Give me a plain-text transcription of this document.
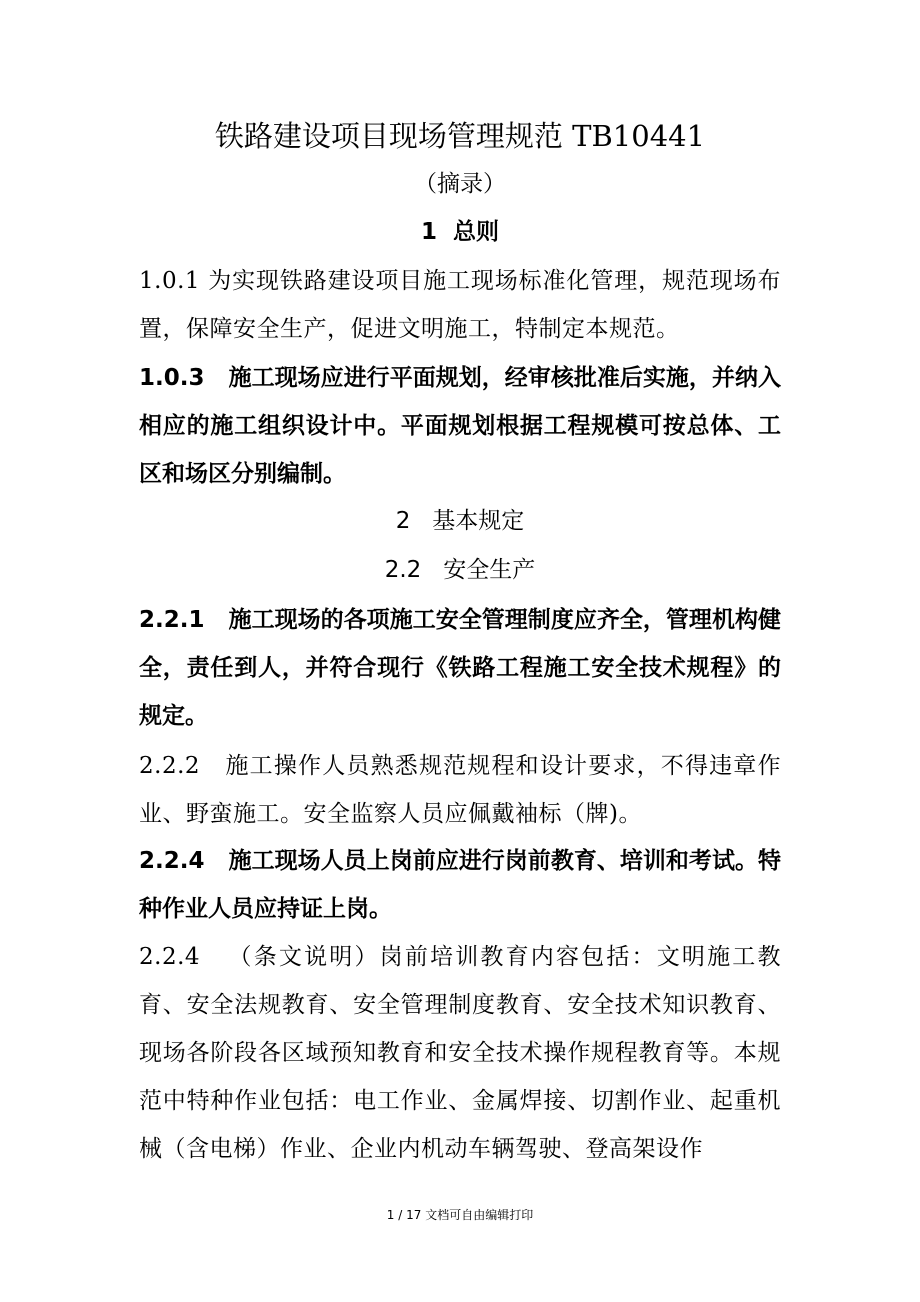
铁路建设项目现场管理规范 TB10441
（摘录）
1  总则
1.0.1 为实现铁路建设项目施工现场标准化管理，规范现场布置，保障安全生产，促进文明施工，特制定本规范。
1.0.3   施工现场应进行平面规划，经审核批准后实施，并纳入相应的施工组织设计中。平面规划根据工程规模可按总体、工区和场区分别编制。
2   基本规定
2.2   安全生产
2.2.1   施工现场的各项施工安全管理制度应齐全，管理机构健全，责任到人，并符合现行《铁路工程施工安全技术规程》的规定。
2.2.2   施工操作人员熟悉规范规程和设计要求，不得违章作业、野蛮施工。安全监察人员应佩戴袖标（牌)。
2.2.4   施工现场人员上岗前应进行岗前教育、培训和考试。特种作业人员应持证上岗。
2.2.4   （条文说明）岗前培训教育内容包括：文明施工教育、安全法规教育、安全管理制度教育、安全技术知识教育、现场各阶段各区域预知教育和安全技术操作规程教育等。本规范中特种作业包括：电工作业、金属焊接、切割作业、起重机械（含电梯）作业、企业内机动车辆驾驶、登高架设作
1 / 17 文档可自由编辑打印
